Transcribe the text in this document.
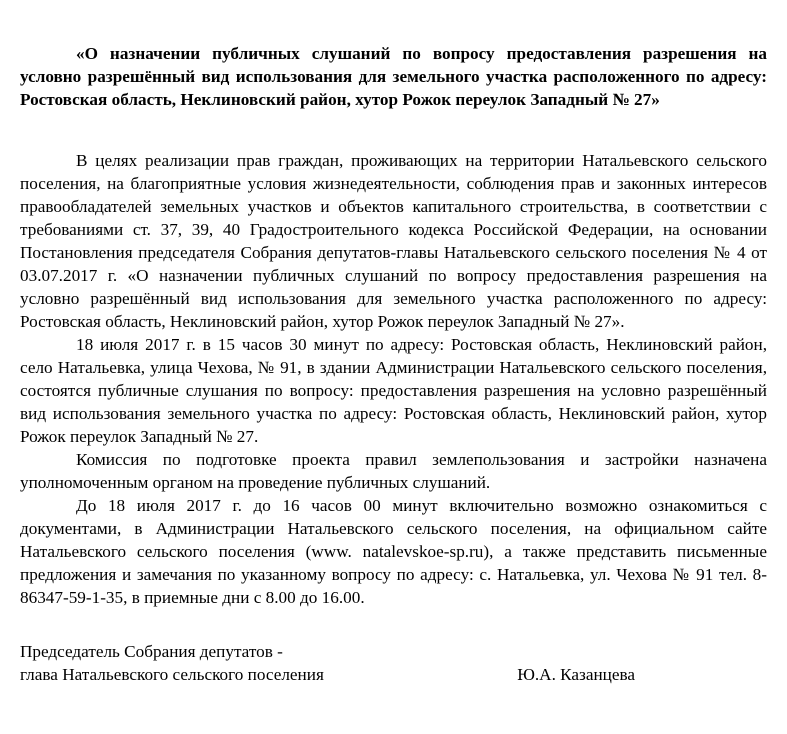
«О назначении публичных слушаний по вопросу предоставления разрешения на условно разрешённый вид использования для земельного участка расположенного по адресу: Ростовская область, Неклиновский район, хутор Рожок переулок Западный № 27»

В целях реализации прав граждан, проживающих на территории Натальевского сельского поселения, на благоприятные условия жизнедеятельности, соблюдения прав и законных интересов правообладателей земельных участков и объектов капитального строительства, в соответствии с требованиями ст. 37, 39, 40 Градостроительного кодекса Российской Федерации, на основании Постановления председателя Собрания депутатов-главы Натальевского сельского поселения № 4 от 03.07.2017 г. «О назначении публичных слушаний по вопросу предоставления разрешения на условно разрешённый вид использования для земельного участка расположенного по адресу: Ростовская область, Неклиновский район, хутор Рожок переулок Западный № 27».

18 июля 2017 г. в 15 часов 30 минут по адресу: Ростовская область, Неклиновский район, село Натальевка, улица Чехова, № 91, в здании Администрации Натальевского сельского поселения, состоятся публичные слушания по вопросу: предоставления разрешения на условно разрешённый вид использования земельного участка по адресу: Ростовская область, Неклиновский район, хутор Рожок переулок Западный № 27.

Комиссия по подготовке проекта правил землепользования и застройки назначена уполномоченным органом на проведение публичных слушаний.

До 18 июля 2017 г. до 16 часов 00 минут включительно возможно ознакомиться с документами, в Администрации Натальевского сельского поселения, на официальном сайте Натальевского сельского поселения (www. natalevskoe-sp.ru), а также представить письменные предложения и замечания по указанному вопросу по адресу: с. Натальевка, ул. Чехова № 91 тел. 8-86347-59-1-35, в приемные дни с 8.00 до 16.00.

Председатель Собрания депутатов -
глава Натальевского сельского поселения	Ю.А. Казанцева
